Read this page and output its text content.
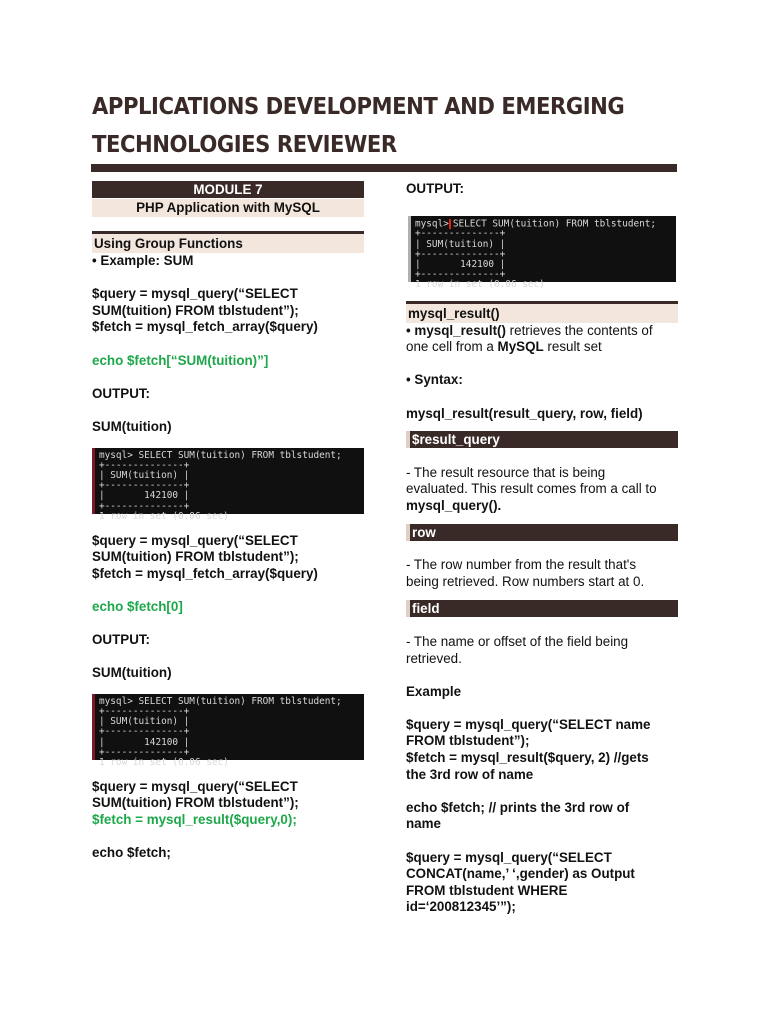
APPLICATIONS DEVELOPMENT AND EMERGING
TECHNOLOGIES REVIEWER
MODULE 7
PHP Application with MySQL
Using Group Functions

• Example: SUM

$query = mysql_query(“SELECT

SUM(tuition) FROM tblstudent”);

$fetch = mysql_fetch_array($query)

echo $fetch[“SUM(tuition)”]

OUTPUT:

SUM(tuition)

mysql> SELECT SUM(tuition) FROM tblstudent;
+--------------+
| SUM(tuition) |
+--------------+
|       142100 |
+--------------+
1 row in set (0.06 sec)

$query = mysql_query(“SELECT

SUM(tuition) FROM tblstudent”);

$fetch = mysql_fetch_array($query)

echo $fetch[0]

OUTPUT:

SUM(tuition)

mysql> SELECT SUM(tuition) FROM tblstudent;
+--------------+
| SUM(tuition) |
+--------------+
|       142100 |
+--------------+
1 row in set (0.06 sec)

$query = mysql_query(“SELECT

SUM(tuition) FROM tblstudent”);

$fetch = mysql_result($query,0);

echo $fetch;

OUTPUT:

mysql> SELECT SUM(tuition) FROM tblstudent;
+--------------+
| SUM(tuition) |
+--------------+
|       142100 |
+--------------+
1 row in set (0.06 sec)
mysql_result()

• mysql_result() retrieves the contents of

one cell from a MySQL result set

• Syntax:

mysql_result(result_query, row, field)

$result_query

- The result resource that is being

evaluated. This result comes from a call to

mysql_query().

row

- The row number from the result that's

being retrieved. Row numbers start at 0.

field

- The name or offset of the field being

retrieved.

Example

$query = mysql_query(“SELECT name

FROM tblstudent”);

$fetch = mysql_result($query, 2) //gets

the 3rd row of name

echo $fetch; // prints the 3rd row of

name

$query = mysql_query(“SELECT

CONCAT(name,’ ‘,gender) as Output

FROM tblstudent WHERE

id=‘200812345’”);
